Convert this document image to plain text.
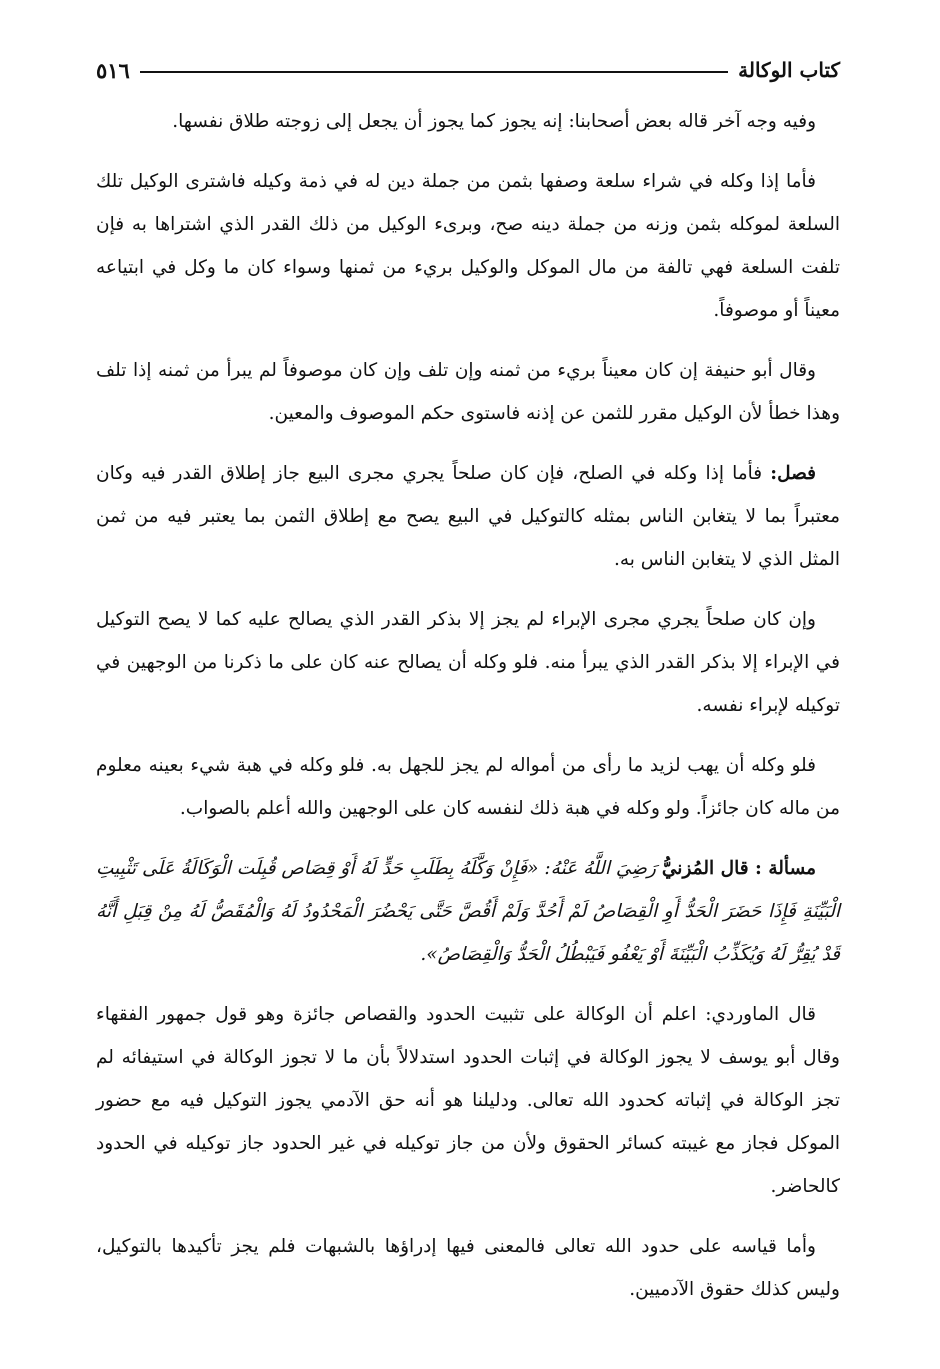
٥١٦	كتاب الوكالة

وفيه وجه آخر قاله بعض أصحابنا: إنه يجوز كما يجوز أن يجعل إلى زوجته طلاق نفسها.

فأما إذا وكله في شراء سلعة وصفها بثمن من جملة دين له في ذمة وكيله فاشترى الوكيل تلك السلعة لموكله بثمن وزنه من جملة دينه صح، وبرىء الوكيل من ذلك القدر الذي اشتراها به فإن تلفت السلعة فهي تالفة من مال الموكل والوكيل بريء من ثمنها وسواء كان ما وكل في ابتياعه معيناً أو موصوفاً.

وقال أبو حنيفة إن كان معيناً بريء من ثمنه وإن تلف وإن كان موصوفاً لم يبرأ من ثمنه إذا تلف وهذا خطأ لأن الوكيل مقرر للثمن عن إذنه فاستوى حكم الموصوف والمعين.

فصل: فأما إذا وكله في الصلح، فإن كان صلحاً يجري مجرى البيع جاز إطلاق القدر فيه وكان معتبراً بما لا يتغابن الناس بمثله كالتوكيل في البيع يصح مع إطلاق الثمن بما يعتبر فيه من ثمن المثل الذي لا يتغابن الناس به.

وإن كان صلحاً يجري مجرى الإبراء لم يجز إلا بذكر القدر الذي يصالح عليه كما لا يصح التوكيل في الإبراء إلا بذكر القدر الذي يبرأ منه. فلو وكله أن يصالح عنه كان على ما ذكرنا من الوجهين في توكيله لإبراء نفسه.

فلو وكله أن يهب لزيد ما رأى من أمواله لم يجز للجهل به. فلو وكله في هبة شيء بعينه معلوم من ماله كان جائزاً. ولو وكله في هبة ذلك لنفسه كان على الوجهين والله أعلم بالصواب.

مسألة : قال المُزنيُّ رَضِيَ اللَّهُ عَنْهُ: «فَإِنْ وَكَّلَهُ بِطَلَبِ حَدٍّ لَهُ أَوْ قِصَاص قُبِلَت الْوَكَالَةُ عَلَى تَثْبِيتِ الْبَيِّنَةِ فَإِذَا حَضَرَ الْحَدُّ أَوِ الْقِصَاصُ لَمْ أَحُدَّ وَلَمْ أَقُصَّ حَتَّى يَحْضُرَ الْمَحْدُودُ لَهُ وَالْمُقَصُّ لَهُ مِنْ قِبَلِ أَنَّهُ قَدْ يُقِرُّ لَهُ وَيُكَذِّبُ الْبَيِّنَةَ أَوْ يَعْفُو فَيَبْطُلُ الْحَدُّ وَالْقِصَاصُ».

قال الماوردي: اعلم أن الوكالة على تثبيت الحدود والقصاص جائزة وهو قول جمهور الفقهاء وقال أبو يوسف لا يجوز الوكالة في إثبات الحدود استدلالاً بأن ما لا تجوز الوكالة في استيفائه لم تجز الوكالة في إثباته كحدود الله تعالى. ودليلنا هو أنه حق الآدمي يجوز التوكيل فيه مع حضور الموكل فجاز مع غيبته كسائر الحقوق ولأن من جاز توكيله في غير الحدود جاز توكيله في الحدود كالحاضر.

وأما قياسه على حدود الله تعالى فالمعنى فيها إدراؤها بالشبهات فلم يجز تأكيدها بالتوكيل، وليس كذلك حقوق الآدميين.
